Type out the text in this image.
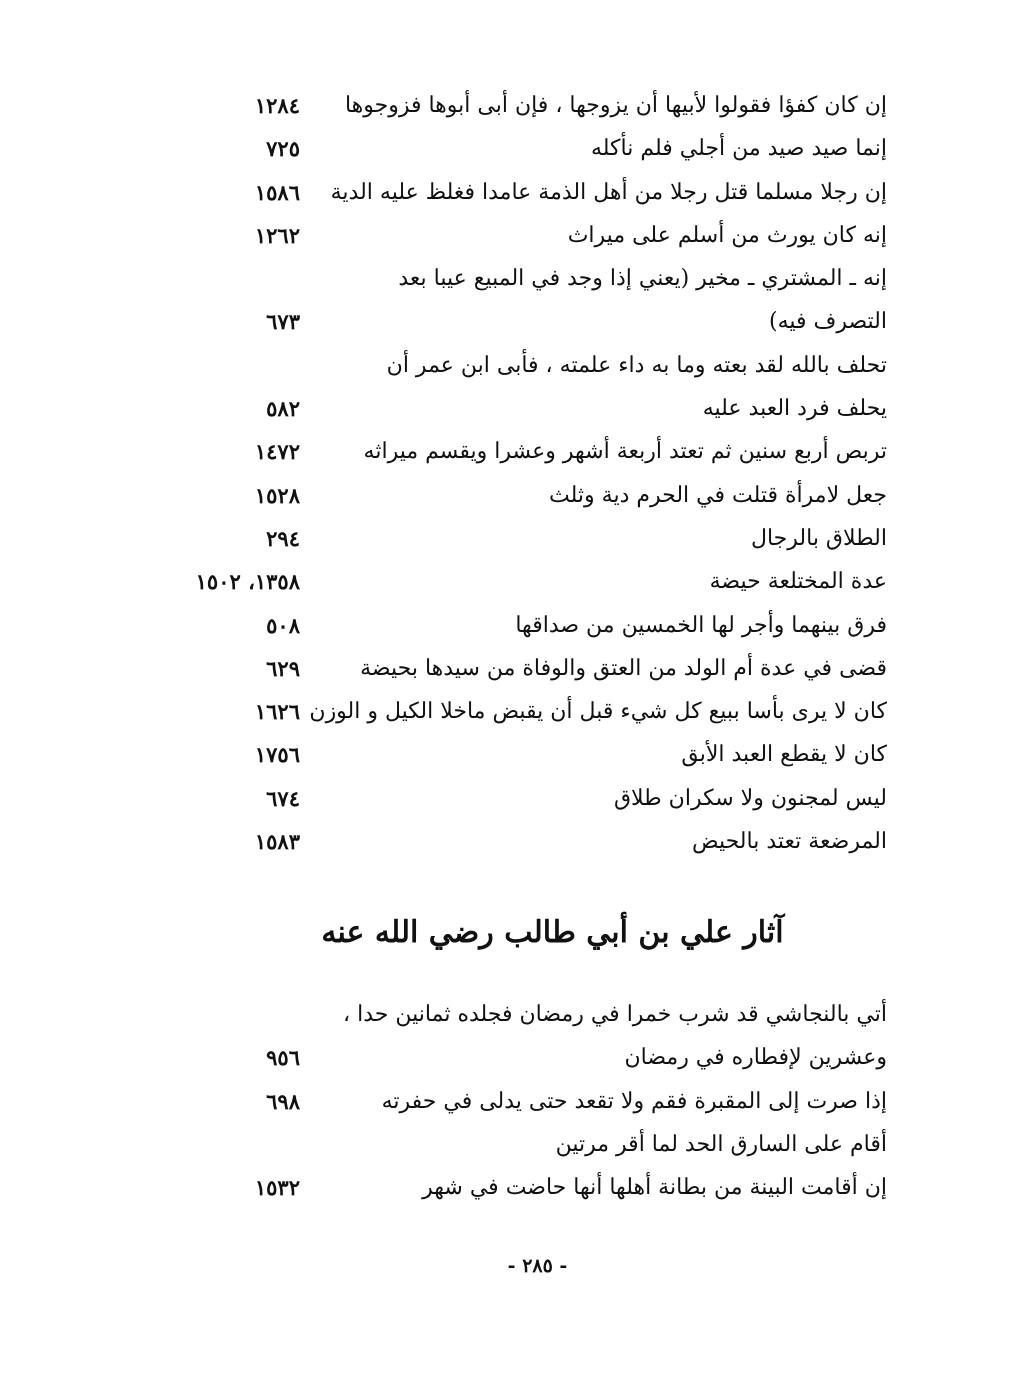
إن كان كفؤا فقولوا لأبيها أن يزوجها ، فإن أبى أبوها فزوجوها
١٢٨٤
إنما صيد صيد من أجلي فلم نأكله
٧٢٥
إن رجلا مسلما قتل رجلا من أهل الذمة عامدا فغلظ عليه الدية
١٥٨٦
إنه كان يورث من أسلم على ميراث
١٢٦٢
إنه ـ المشتري ـ مخير (يعني إذا وجد في المبيع عيبا بعد
التصرف فيه)
٦٧٣
تحلف بالله لقد بعته وما به داء علمته ، فأبى ابن عمر أن
يحلف فرد العبد عليه
٥٨٢
تربص أربع سنين ثم تعتد أربعة أشهر وعشرا ويقسم ميراثه
١٤٧٢
جعل لامرأة قتلت في الحرم دية وثلث
١٥٢٨
الطلاق بالرجال
٢٩٤
عدة المختلعة حيضة
١٣٥٨، ١٥٠٢
فرق بينهما وأجر لها الخمسين من صداقها
٥٠٨
قضى في عدة أم الولد من العتق والوفاة من سيدها بحيضة
٦٢٩
كان لا يرى بأسا ببيع كل شيء قبل أن يقبض ماخلا الكيل و الوزن
١٦٢٦
كان لا يقطع العبد الأبق
١٧٥٦
ليس لمجنون ولا سكران طلاق
٦٧٤
المرضعة تعتد بالحيض
١٥٨٣
آثار علي بن أبي طالب رضي الله عنه
أتي بالنجاشي قد شرب خمرا في رمضان فجلده ثمانين حدا ،
وعشرين لإفطاره في رمضان
٩٥٦
إذا صرت إلى المقبرة فقم ولا تقعد حتى يدلى في حفرته
٦٩٨
أقام على السارق الحد لما أقر مرتين
إن أقامت البينة من بطانة أهلها أنها حاضت في شهر
١٥٣٢
- ٢٨٥ -
